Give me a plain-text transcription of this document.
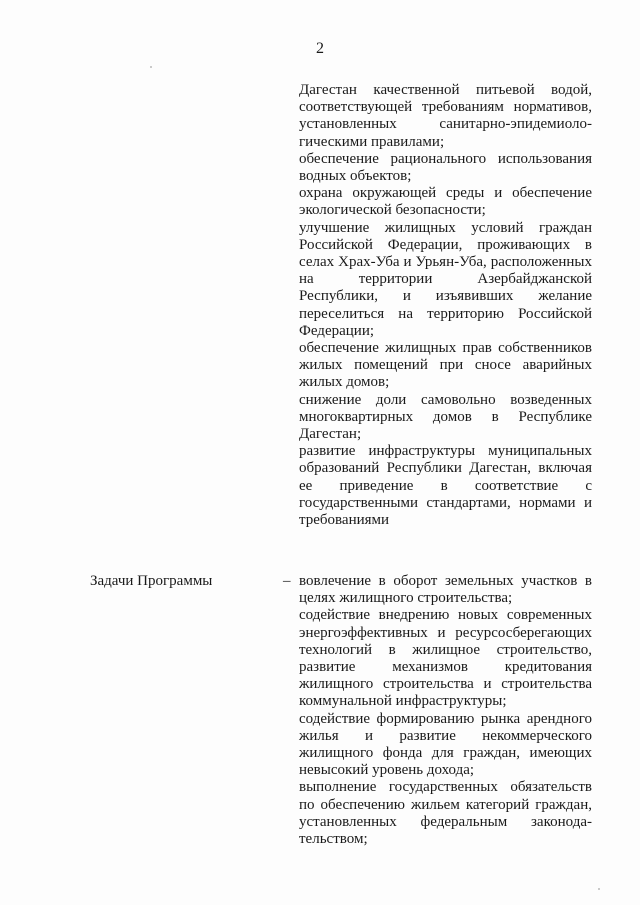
2
Дагестан качественной питьевой водой, соответствующей требованиям нормативов, установленных санитарно-эпидемиоло- гическими правилами;
обеспечение рационального использования водных объектов;
охрана окружающей среды и обеспечение экологической безопасности;
улучшение жилищных условий граждан Российской Федерации, проживающих в селах Храх-Уба и Урьян-Уба, расположенных на территории Азербайджанской Республики, и изъявивших желание переселиться на территорию Российской Федерации;
обеспечение жилищных прав собственников жилых помещений при сносе аварийных жилых домов;
снижение доли самовольно возведенных многоквартирных домов в Республике Дагестан;
развитие инфраструктуры муниципальных образований Республики Дагестан, включая ее приведение в соответствие с государственными стандартами, нормами и требованиями
Задачи Программы	– вовлечение в оборот земельных участков в целях жилищного строительства;
содействие внедрению новых современных энергоэффективных и ресурсосберегающих технологий в жилищное строительство, развитие механизмов кредитования жилищного строительства и строительства коммунальной инфраструктуры;
содействие формированию рынка арендного жилья и развитие некоммерческого жилищного фонда для граждан, имеющих невысокий уровень дохода;
выполнение государственных обязательств по обеспечению жильем категорий граждан, установленных федеральным законода- тельством;
